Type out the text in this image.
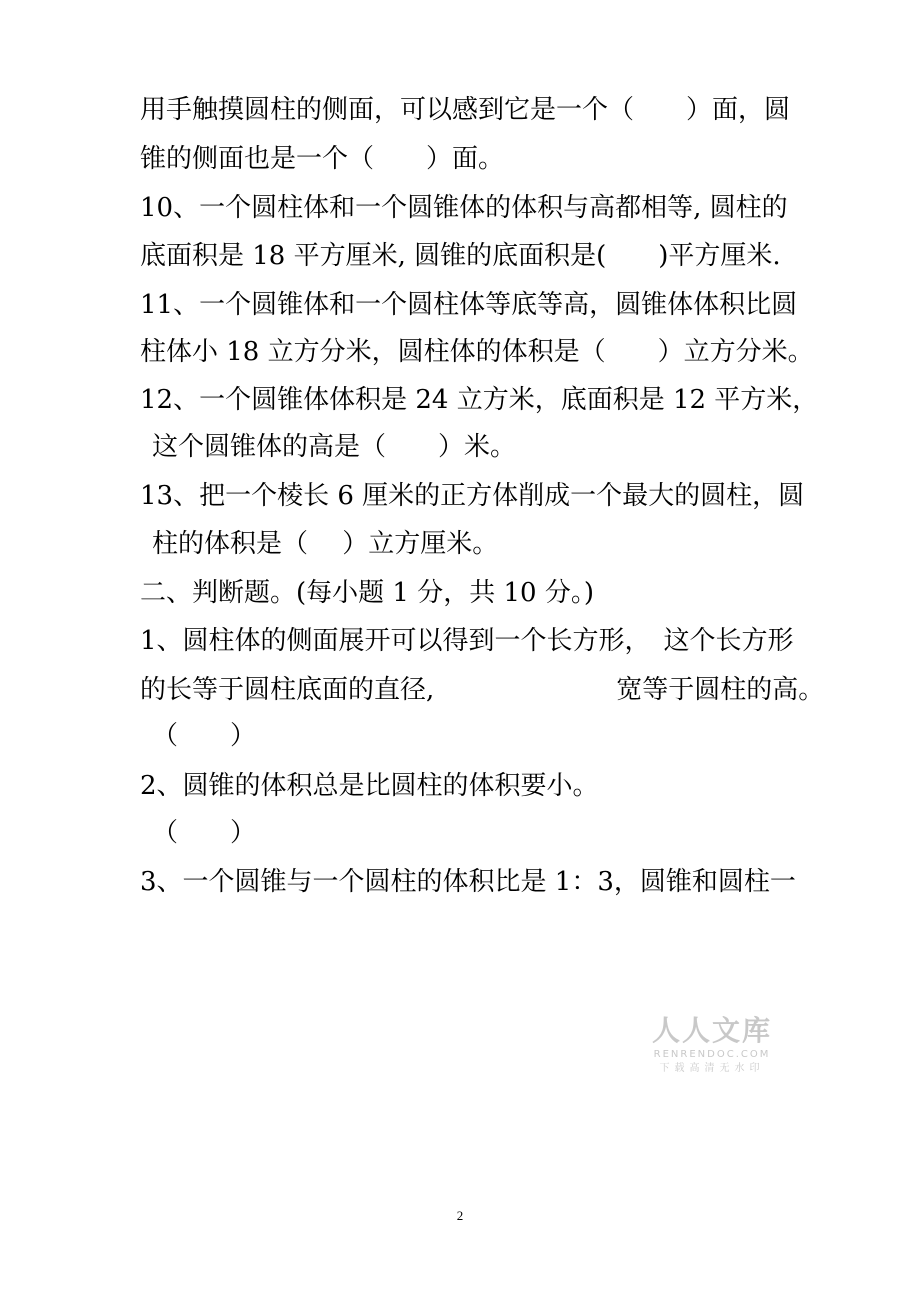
用手触摸圆柱的侧面，可以感到它是一个（　　）面，圆
锥的侧面也是一个（　　）面。
10、一个圆柱体和一个圆锥体的体积与高都相等, 圆柱的
底面积是 18 平方厘米, 圆锥的底面积是(　　)平方厘米.
11、一个圆锥体和一个圆柱体等底等高，圆锥体体积比圆
柱体小 18 立方分米，圆柱体的体积是（　　）立方分米。
12、一个圆锥体体积是 24 立方米，底面积是 12 平方米，
这个圆锥体的高是（　　）米。
13、把一个棱长 6 厘米的正方体削成一个最大的圆柱，圆
柱的体积是（　 ）立方厘米。
二、判断题。(每小题 1 分，共 10 分。)
1、圆柱体的侧面展开可以得到一个长方形，　这个长方形
的长等于圆柱底面的直径,　　　　　　　宽等于圆柱的高。
（　　）
2、圆锥的体积总是比圆柱的体积要小。
（　　）
3、一个圆锥与一个圆柱的体积比是 1：3，圆锥和圆柱一
人人文库
RENRENDOC.COM
下载高清无水印
2
